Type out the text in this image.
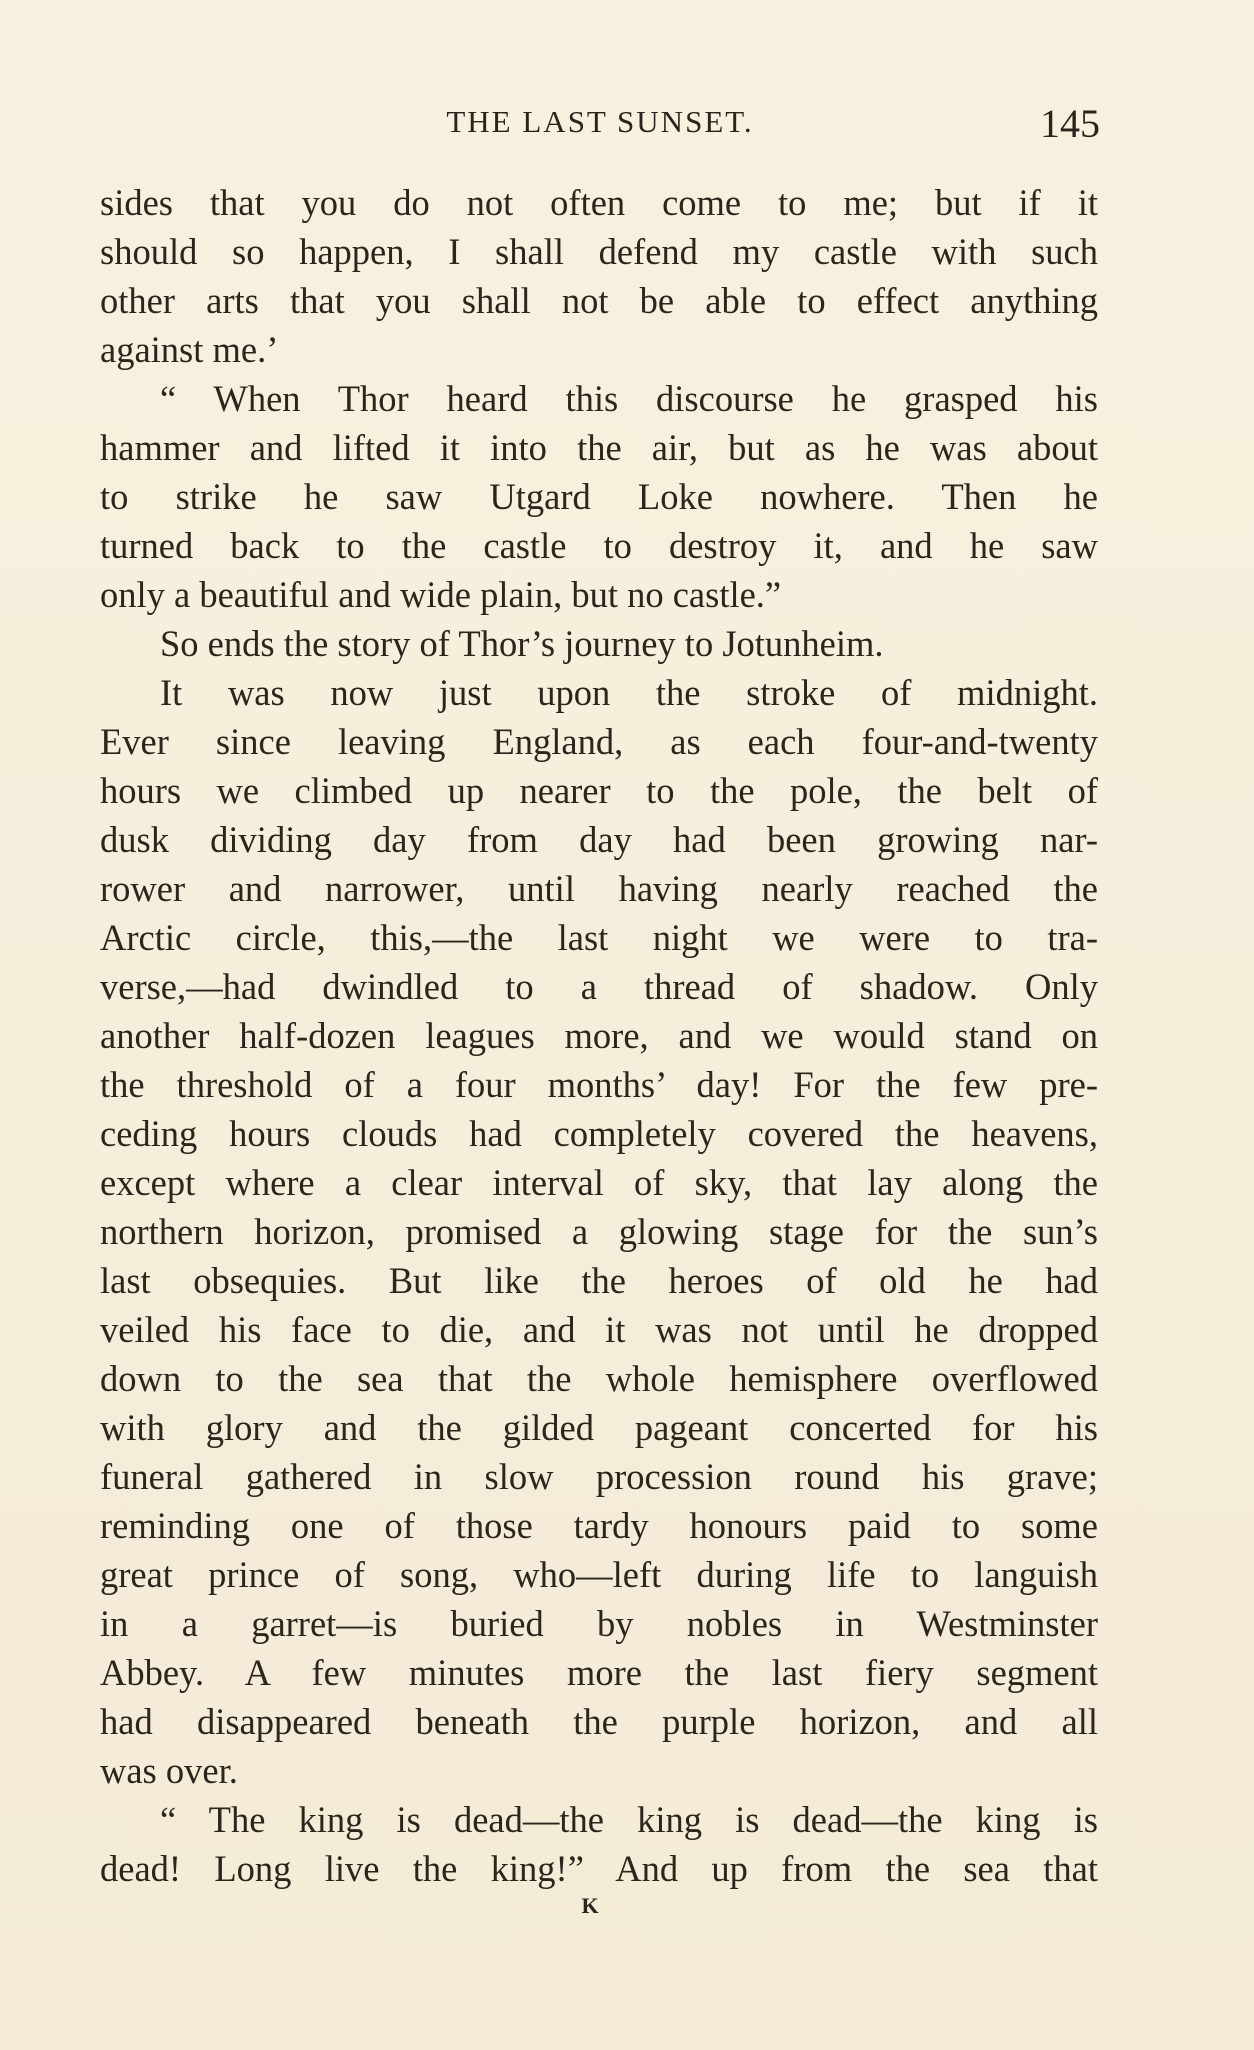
THE LAST SUNSET.	145
sides that you do not often come to me; but if it
should so happen, I shall defend my castle with such
other arts that you shall not be able to effect anything
against me.’
“ When Thor heard this discourse he grasped his
hammer and lifted it into the air, but as he was about
to strike he saw Utgard Loke nowhere. Then he
turned back to the castle to destroy it, and he saw
only a beautiful and wide plain, but no castle.”
So ends the story of Thor’s journey to Jotunheim.
It was now just upon the stroke of midnight.
Ever since leaving England, as each four-and-twenty
hours we climbed up nearer to the pole, the belt of
dusk dividing day from day had been growing nar-
rower and narrower, until having nearly reached the
Arctic circle, this,—the last night we were to tra-
verse,—had dwindled to a thread of shadow. Only
another half-dozen leagues more, and we would stand on
the threshold of a four months’ day! For the few pre-
ceding hours clouds had completely covered the heavens,
except where a clear interval of sky, that lay along the
northern horizon, promised a glowing stage for the sun’s
last obsequies. But like the heroes of old he had
veiled his face to die, and it was not until he dropped
down to the sea that the whole hemisphere overflowed
with glory and the gilded pageant concerted for his
funeral gathered in slow procession round his grave;
reminding one of those tardy honours paid to some
great prince of song, who—left during life to languish
in a garret—is buried by nobles in Westminster
Abbey. A few minutes more the last fiery segment
had disappeared beneath the purple horizon, and all
was over.
“ The king is dead—the king is dead—the king is
dead! Long live the king!” And up from the sea that
K
